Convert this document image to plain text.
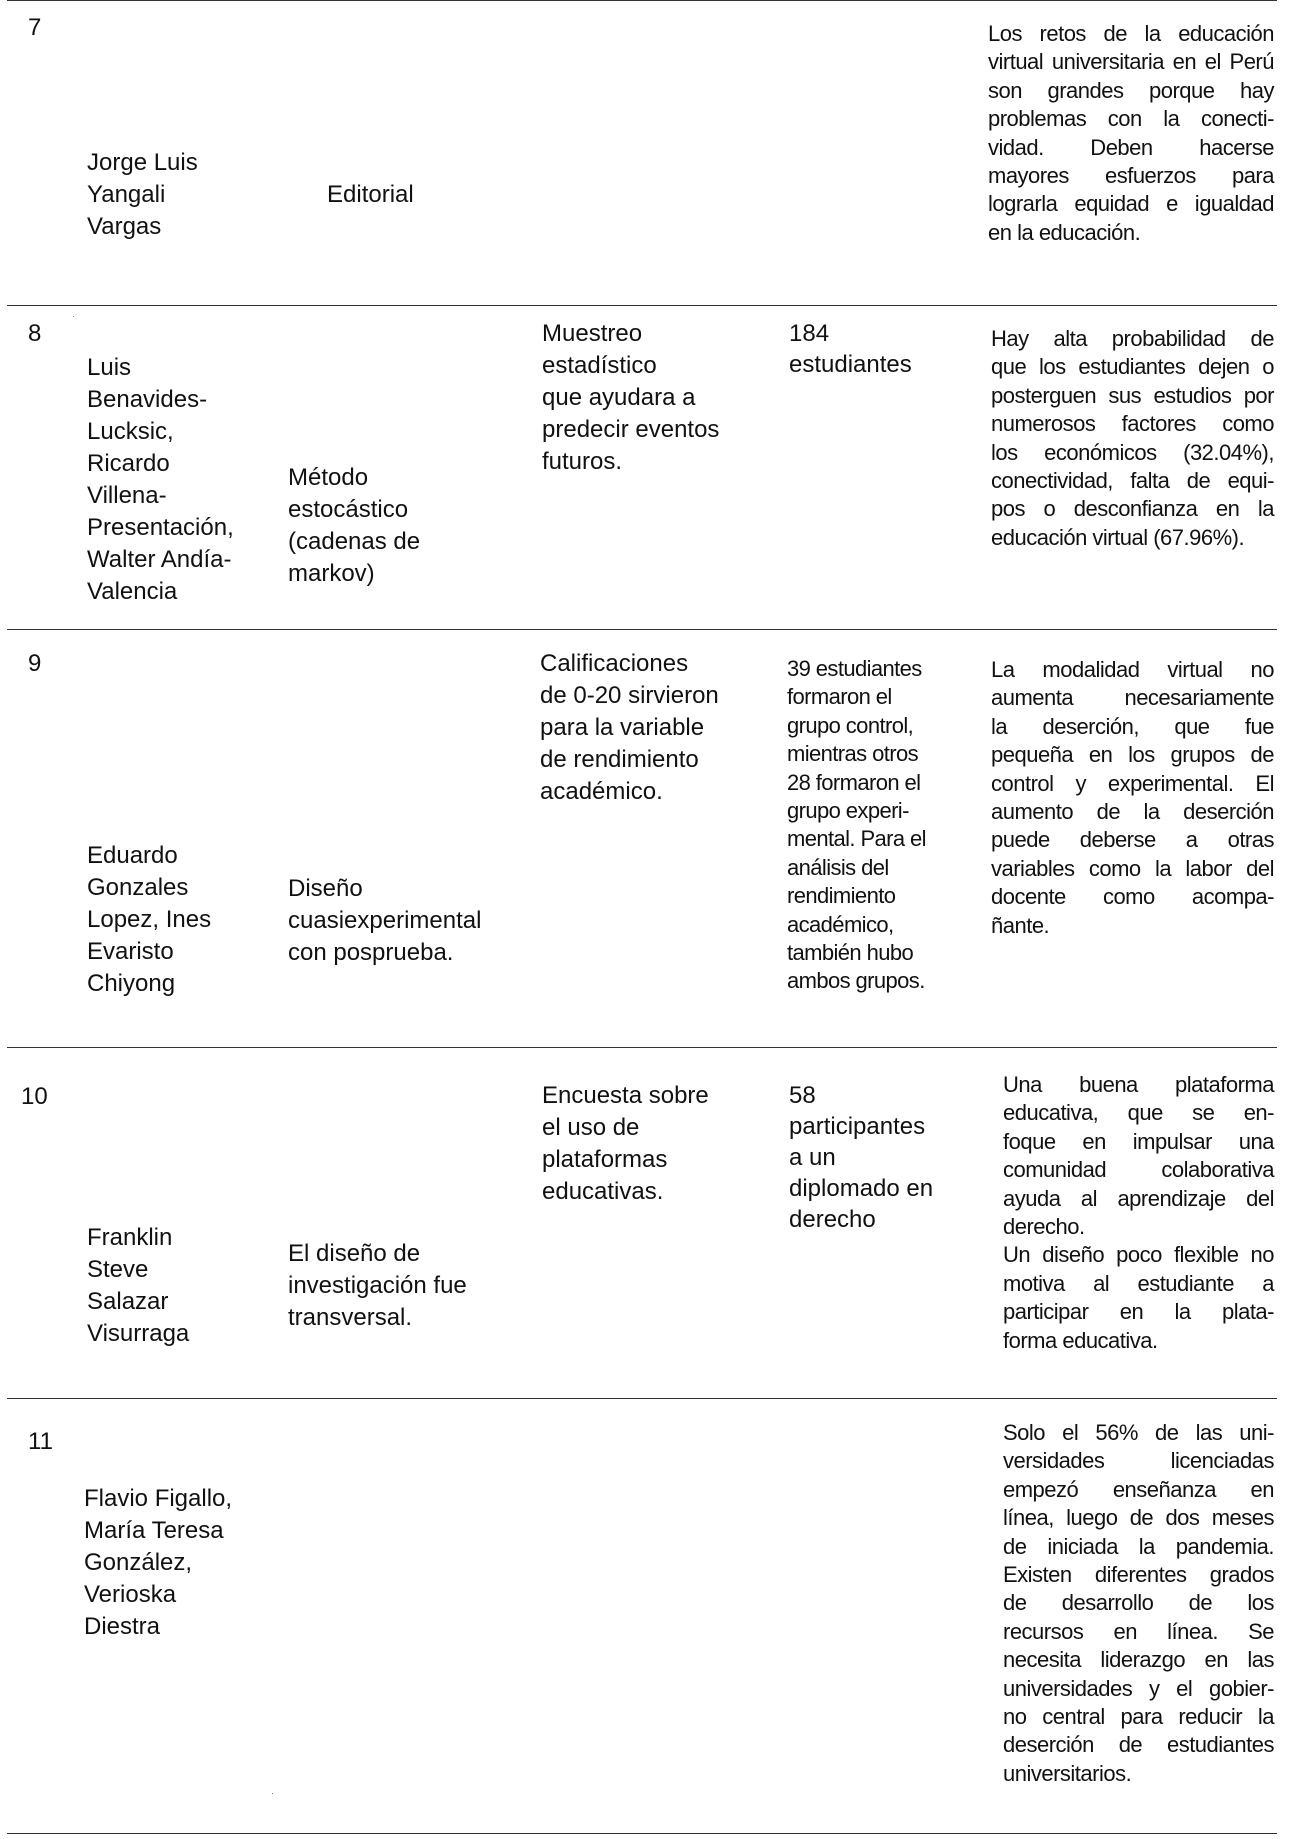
7

Jorge Luis
Yangali
Vargas

Editorial

Los retos de la educación
virtual universitaria en el Perú
son grandes porque hay
problemas con la conecti-
vidad. Deben hacerse
mayores esfuerzos para
lograrla equidad e igualdad
en la educación.

8

Luis
Benavides-
Lucksic,
Ricardo
Villena-
Presentación,
Walter Andía-
Valencia

Método
estocástico
(cadenas de
markov)

Muestreo
estadístico
que ayudara a
predecir eventos
futuros.

184
estudiantes

Hay alta probabilidad de
que los estudiantes dejen o
posterguen sus estudios por
numerosos factores como
los económicos (32.04%),
conectividad, falta de equi-
pos o desconfianza en la
educación virtual (67.96%).

9

Eduardo
Gonzales
Lopez, Ines
Evaristo
Chiyong

Diseño
cuasiexperimental
con posprueba.

Calificaciones
de 0-20 sirvieron
para la variable
de rendimiento
académico.

39 estudiantes
formaron el
grupo control,
mientras otros
28 formaron el
grupo experi-
mental. Para el
análisis del
rendimiento
académico,
también hubo
ambos grupos.

La modalidad virtual no
aumenta necesariamente
la deserción, que fue
pequeña en los grupos de
control y experimental. El
aumento de la deserción
puede deberse a otras
variables como la labor del
docente como acompa-
ñante.

10

Franklin
Steve
Salazar
Visurraga

El diseño de
investigación fue
transversal.

Encuesta sobre
el uso de
plataformas
educativas.

58
participantes
a un
diplomado en
derecho

Una buena plataforma
educativa, que se en-
foque en impulsar una
comunidad colaborativa
ayuda al aprendizaje del
derecho.
Un diseño poco flexible no
motiva al estudiante a
participar en la plata-
forma educativa.

11

Flavio Figallo,
María Teresa
González,
Verioska
Diestra

Solo el 56% de las uni-
versidades licenciadas
empezó enseñanza en
línea, luego de dos meses
de iniciada la pandemia.
Existen diferentes grados
de desarrollo de los
recursos en línea. Se
necesita liderazgo en las
universidades y el gobier-
no central para reducir la
deserción de estudiantes
universitarios.
